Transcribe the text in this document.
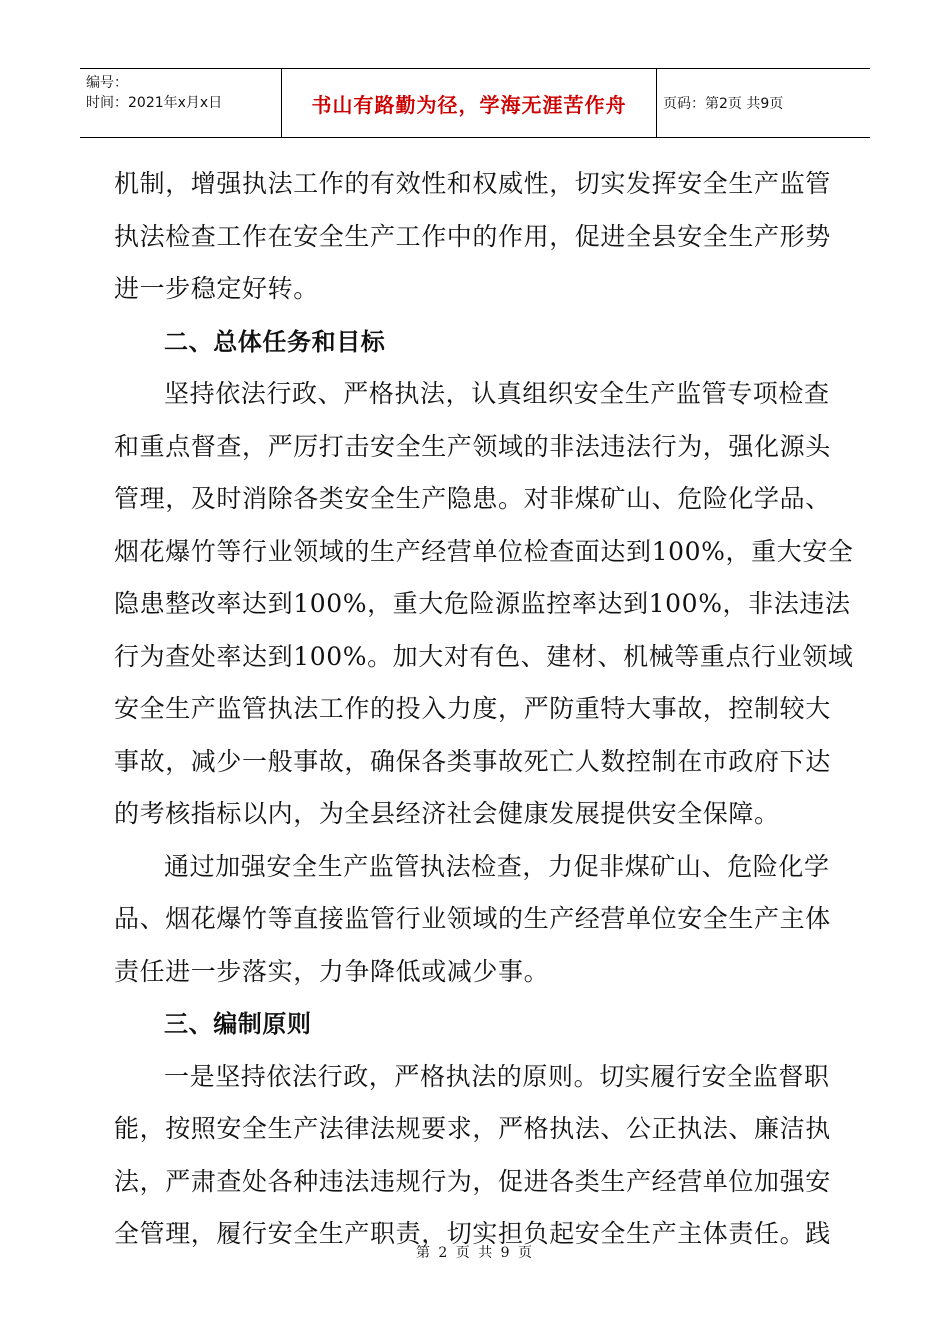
编号：
时间：2021年x月x日	书山有路勤为径，学海无涯苦作舟	页码：第2页 共9页
机制，增强执法工作的有效性和权威性，切实发挥安全生产监管
执法检查工作在安全生产工作中的作用，促进全县安全生产形势
进一步稳定好转。
二、总体任务和目标
坚持依法行政、严格执法，认真组织安全生产监管专项检查
和重点督查，严厉打击安全生产领域的非法违法行为，强化源头
管理，及时消除各类安全生产隐患。对非煤矿山、危险化学品、
烟花爆竹等行业领域的生产经营单位检查面达到100%，重大安全
隐患整改率达到100%，重大危险源监控率达到100%，非法违法
行为查处率达到100%。加大对有色、建材、机械等重点行业领域
安全生产监管执法工作的投入力度，严防重特大事故，控制较大
事故，减少一般事故，确保各类事故死亡人数控制在市政府下达
的考核指标以内，为全县经济社会健康发展提供安全保障。
通过加强安全生产监管执法检查，力促非煤矿山、危险化学
品、烟花爆竹等直接监管行业领域的生产经营单位安全生产主体
责任进一步落实，力争降低或减少事。
三、编制原则
一是坚持依法行政，严格执法的原则。切实履行安全监督职
能，按照安全生产法律法规要求，严格执法、公正执法、廉洁执
法，严肃查处各种违法违规行为，促进各类生产经营单位加强安
全管理，履行安全生产职责，切实担负起安全生产主体责任。践
第 2 页 共 9 页
